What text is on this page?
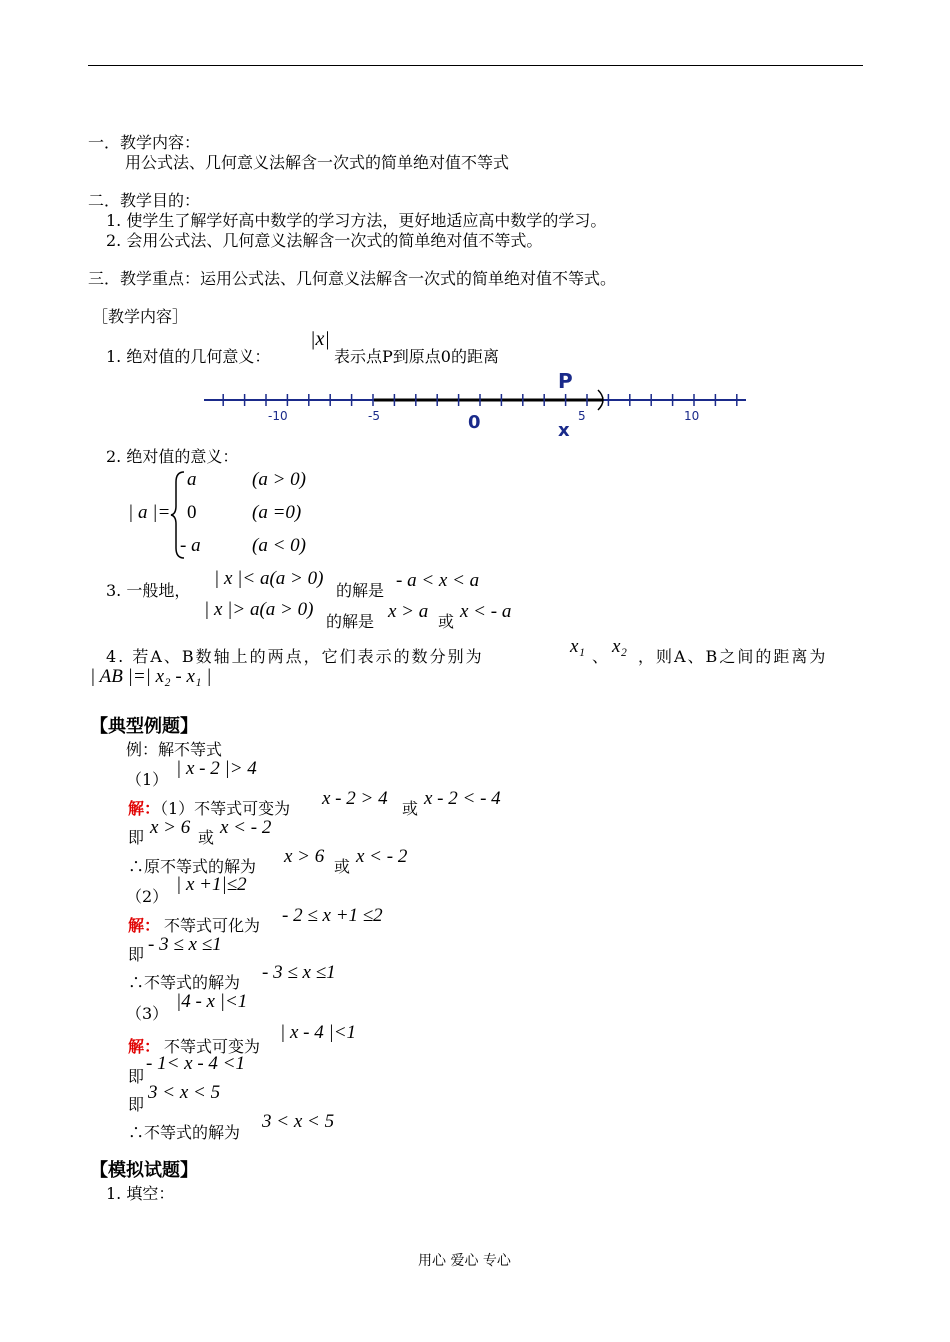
一．教学内容：
用公式法、几何意义法解含一次式的简单绝对值不等式
二．教学目的：
1. 使学生了解学好高中数学的学习方法，更好地适应高中数学的学习。
2. 会用公式法、几何意义法解含一次式的简单绝对值不等式。
三．教学重点：运用公式法、几何意义法解含一次式的简单绝对值不等式。
［教学内容］
1. 绝对值的几何意义：
|x|
表示点P到原点0的距离
-10	-5	0	5	10
P
x
2. 绝对值的意义：
| a |=
a	(a > 0)
0	(a =0)
- a	(a < 0)
3. 一般地，
| x |< a(a > 0)
的解是 - a < x < a
| x |> a(a > 0)
的解是 x > a 或 x < - a
4. 若A、B数轴上的两点，它们表示的数分别为	x₁ 、 x₂ ，则A、B之间的距离为
| AB |=| x₂ - x₁ |
【典型例题】
例：解不等式
（1）
| x - 2 |> 4
解：
（1）不等式可变为 x - 2 > 4 或 x - 2 < - 4
即 x > 6 或 x < - 2
∴原不等式的解为 x > 6 或 x < - 2
（2）
| x +1|≤2
解： 不等式可化为 - 2 ≤ x +1 ≤2
即 - 3 ≤ x ≤1
∴不等式的解为 - 3 ≤ x ≤1
（3）
|4 - x |<1
解： 不等式可变为
| x - 4 |<1
即
- 1< x - 4 <1
即
3 < x < 5
∴不等式的解为
3 < x < 5
【模拟试题】
1. 填空：
用心 爱心 专心
